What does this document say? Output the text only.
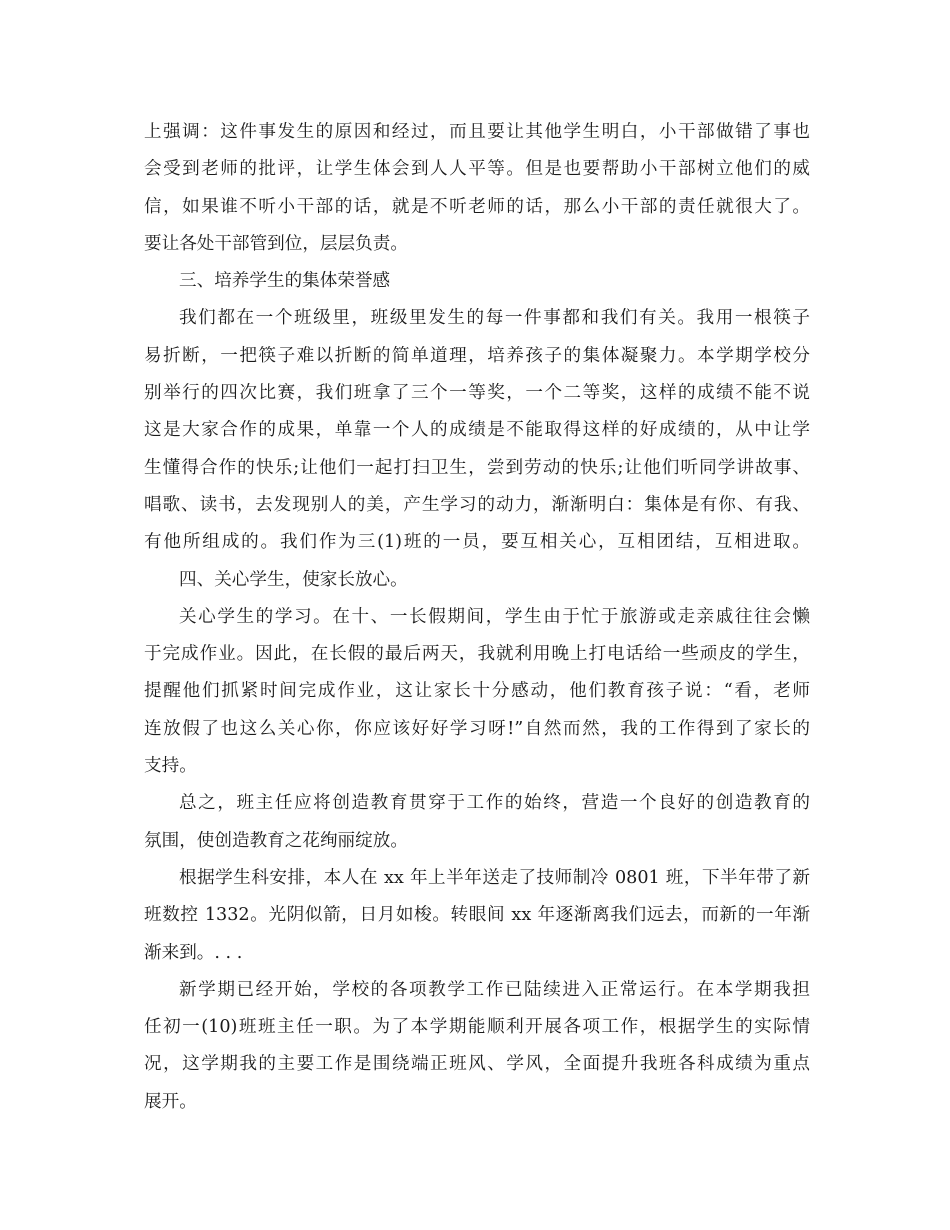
上强调：这件事发生的原因和经过，而且要让其他学生明白，小干部做错了事也
会受到老师的批评，让学生体会到人人平等。但是也要帮助小干部树立他们的威
信，如果谁不听小干部的话，就是不听老师的话，那么小干部的责任就很大了。
要让各处干部管到位，层层负责。
三、培养学生的集体荣誉感
我们都在一个班级里，班级里发生的每一件事都和我们有关。我用一根筷子
易折断，一把筷子难以折断的简单道理，培养孩子的集体凝聚力。本学期学校分
别举行的四次比赛，我们班拿了三个一等奖，一个二等奖，这样的成绩不能不说
这是大家合作的成果，单靠一个人的成绩是不能取得这样的好成绩的，从中让学
生懂得合作的快乐;让他们一起打扫卫生，尝到劳动的快乐;让他们听同学讲故事、
唱歌、读书，去发现别人的美，产生学习的动力，渐渐明白：集体是有你、有我、
有他所组成的。我们作为三(1)班的一员，要互相关心，互相团结，互相进取。
四、关心学生，使家长放心。
关心学生的学习。在十、一长假期间，学生由于忙于旅游或走亲戚往往会懒
于完成作业。因此，在长假的最后两天，我就利用晚上打电话给一些顽皮的学生，
提醒他们抓紧时间完成作业，这让家长十分感动，他们教育孩子说：“看，老师
连放假了也这么关心你，你应该好好学习呀!”自然而然，我的工作得到了家长的
支持。
总之，班主任应将创造教育贯穿于工作的始终，营造一个良好的创造教育的
氛围，使创造教育之花绚丽绽放。
根据学生科安排，本人在 xx 年上半年送走了技师制冷 0801 班，下半年带了新
班数控 1332。光阴似箭，日月如梭。转眼间 xx 年逐渐离我们远去，而新的一年渐
渐来到。. . .
新学期已经开始，学校的各项教学工作已陆续进入正常运行。在本学期我担
任初一(10)班班主任一职。为了本学期能顺利开展各项工作，根据学生的实际情
况，这学期我的主要工作是围绕端正班风、学风，全面提升我班各科成绩为重点
展开。
